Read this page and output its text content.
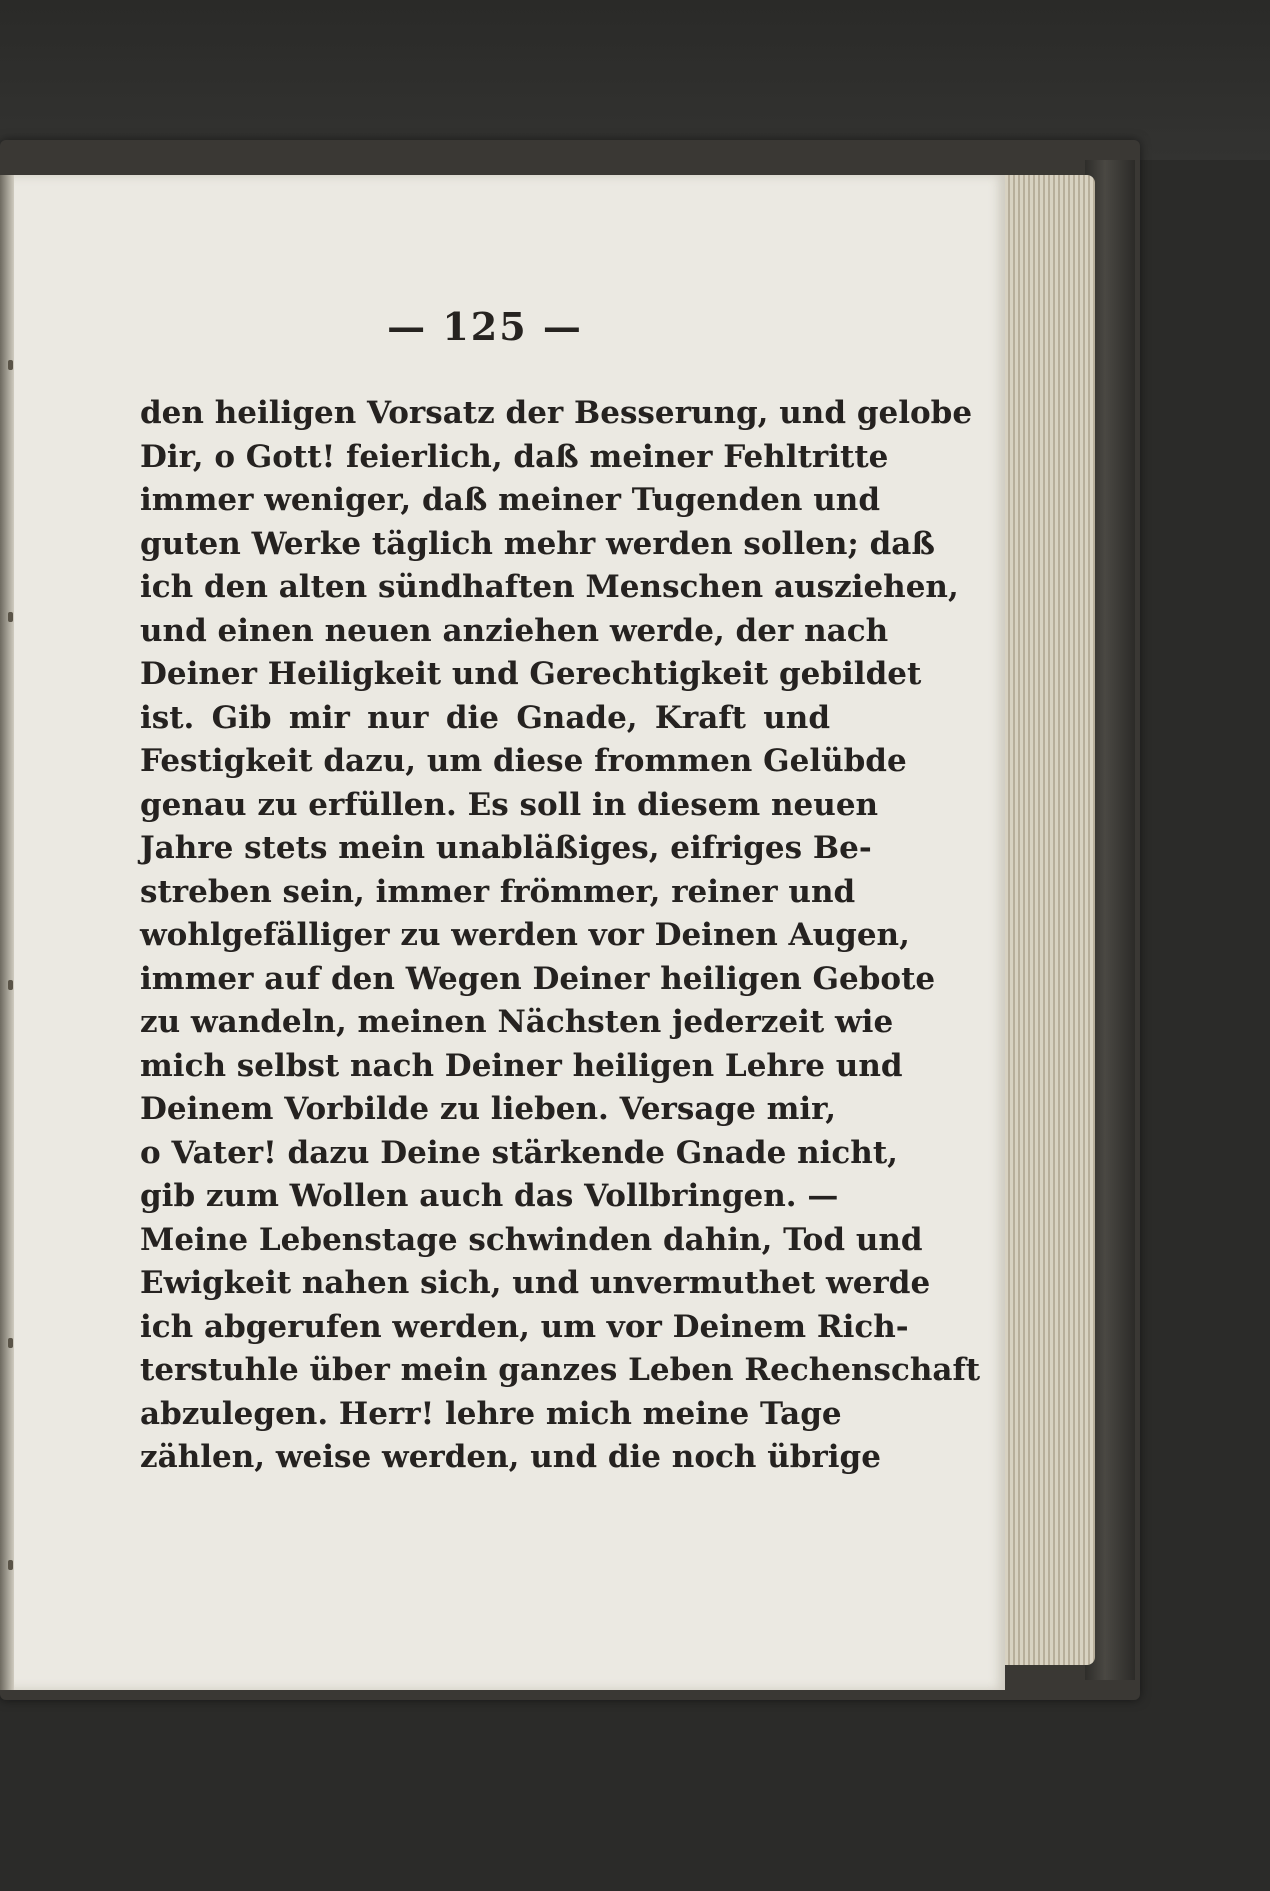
— 125 —
den heiligen Vorsatz der Besserung, und gelobe
Dir, o Gott! feierlich, daß meiner Fehltritte
immer weniger, daß meiner Tugenden und
guten Werke täglich mehr werden sollen; daß
ich den alten sündhaften Menschen ausziehen,
und einen neuen anziehen werde, der nach
Deiner Heiligkeit und Gerechtigkeit gebildet
ist. Gib mir nur die Gnade, Kraft und
Festigkeit dazu, um diese frommen Gelübde
genau zu erfüllen. Es soll in diesem neuen
Jahre stets mein unabläßiges, eifriges Be-
streben sein, immer frömmer, reiner und
wohlgefälliger zu werden vor Deinen Augen,
immer auf den Wegen Deiner heiligen Gebote
zu wandeln, meinen Nächsten jederzeit wie
mich selbst nach Deiner heiligen Lehre und
Deinem Vorbilde zu lieben. Versage mir,
o Vater! dazu Deine stärkende Gnade nicht,
gib zum Wollen auch das Vollbringen. —
Meine Lebenstage schwinden dahin, Tod und
Ewigkeit nahen sich, und unvermuthet werde
ich abgerufen werden, um vor Deinem Rich-
terstuhle über mein ganzes Leben Rechenschaft
abzulegen. Herr! lehre mich meine Tage
zählen, weise werden, und die noch übrige
